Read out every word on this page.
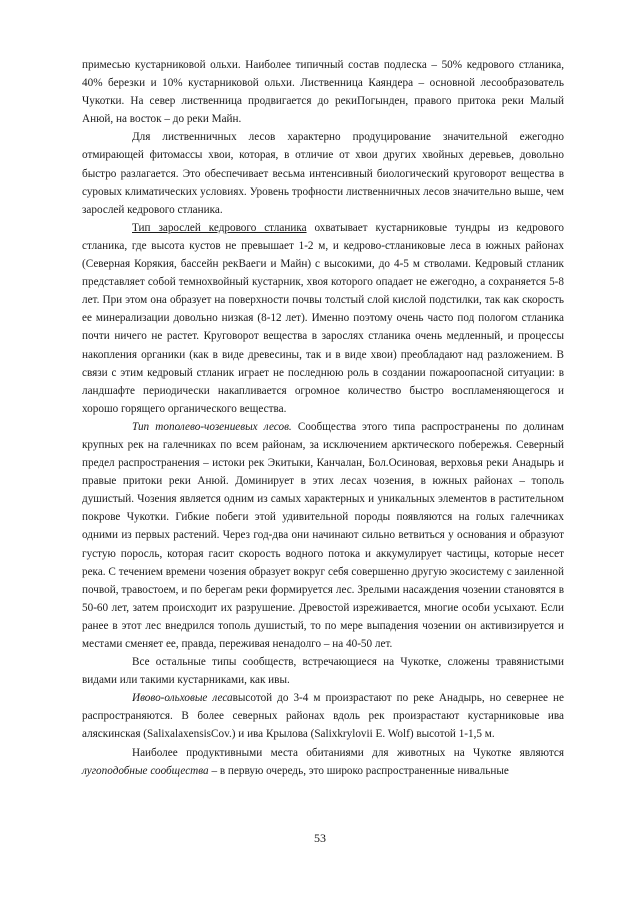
примесью кустарниковой ольхи. Наиболее типичный состав подлеска – 50% кедрового стланика, 40% березки и 10% кустарниковой ольхи. Лиственница Каяндера – основной лесообразователь Чукотки. На север лиственница продвигается до рекиПогынден, правого притока реки Малый Анюй, на восток – до реки Майн.

Для лиственничных лесов характерно продуцирование значительной ежегодно отмирающей фитомассы хвои, которая, в отличие от хвои других хвойных деревьев, довольно быстро разлагается. Это обеспечивает весьма интенсивный биологический круговорот вещества в суровых климатических условиях. Уровень трофности лиственничных лесов значительно выше, чем зарослей кедрового стланика.

Тип зарослей кедрового стланика охватывает кустарниковые тундры из кедрового стланика, где высота кустов не превышает 1-2 м, и кедрово-стланиковые леса в южных районах (Северная Корякия, бассейн рекВаеги и Майн) с высокими, до 4-5 м стволами. Кедровый стланик представляет собой темнохвойный кустарник, хвоя которого опадает не ежегодно, а сохраняется 5-8 лет. При этом она образует на поверхности почвы толстый слой кислой подстилки, так как скорость ее минерализации довольно низкая (8-12 лет). Именно поэтому очень часто под пологом стланика почти ничего не растет. Круговорот вещества в зарослях стланика очень медленный, и процессы накопления органики (как в виде древесины, так и в виде хвои) преобладают над разложением. В связи с этим кедровый стланик играет не последнюю роль в создании пожароопасной ситуации: в ландшафте периодически накапливается огромное количество быстро воспламеняющегося и хорошо горящего органического вещества.

Тип тополево-чозениевых лесов. Сообщества этого типа распространены по долинам крупных рек на галечниках по всем районам, за исключением арктического побережья. Северный предел распространения – истоки рек Экитыки, Канчалан, Бол.Осиновая, верховья реки Анадырь и правые притоки реки Анюй. Доминирует в этих лесах чозения, в южных районах – тополь душистый. Чозения является одним из самых характерных и уникальных элементов в растительном покрове Чукотки. Гибкие побеги этой удивительной породы появляются на голых галечниках одними из первых растений. Через год-два они начинают сильно ветвиться у основания и образуют густую поросль, которая гасит скорость водного потока и аккумулирует частицы, которые несет река. С течением времени чозения образует вокруг себя совершенно другую экосистему с заиленной почвой, травостоем, и по берегам реки формируется лес. Зрелыми насаждения чозении становятся в 50-60 лет, затем происходит их разрушение. Древостой изреживается, многие особи усыхают. Если ранее в этот лес внедрился тополь душистый, то по мере выпадения чозении он активизируется и местами сменяет ее, правда, переживая ненадолго – на 40-50 лет.

Все остальные типы сообществ, встречающиеся на Чукотке, сложены травянистыми видами или такими кустарниками, как ивы.

Ивово-ольховые лесавысотой до 3-4 м произрастают по реке Анадырь, но севернее не распространяются. В более северных районах вдоль рек произрастают кустарниковые ива аляскинская (SalixalaxensisCov.) и ива Крылова (Salixkrylovii E. Wolf) высотой 1-1,5 м.

Наиболее продуктивными места обитаниями для животных на Чукотке являются лугоподобные сообщества – в первую очередь, это широко распространенные нивальные

53
